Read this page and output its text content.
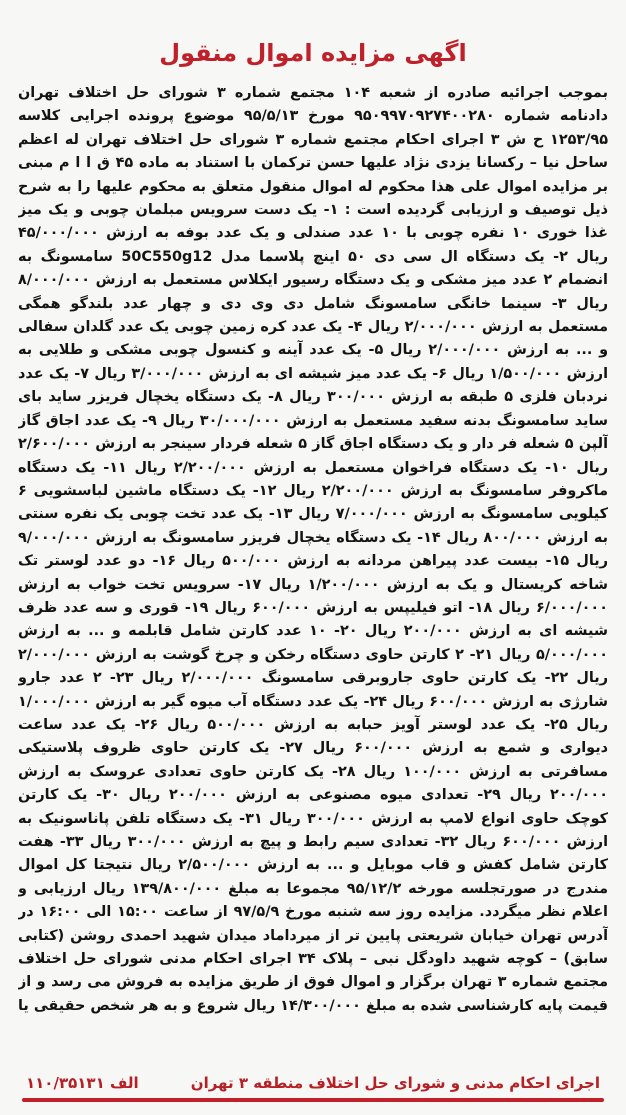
اگهی مزایده اموال منقول
بموجب اجرائیه صادره از شعبه ۱۰۴ مجتمع شماره ۳ شورای حل اختلاف تهران دادنامه شماره ۹۵۰۹۹۷۰۹۲۷۴۰۰۲۸۰ مورخ ۹۵/۵/۱۳ موضوع پرونده اجرایی کلاسه ۱۲۵۳/۹۵ ح ش ۳ اجرای احکام مجتمع شماره ۳ شورای حل اختلاف تهران له اعظم ساحل نیا – رکسانا یزدی نژاد علیها حسن ترکمان با استناد به ماده ۴۵ ق ا ا م مبنی بر مزایده اموال علی هذا محکوم له اموال منقول متعلق به محکوم علیها را به شرح ذیل توصیف و ارزیابی گردیده است : ۱- یک دست سرویس مبلمان چوبی و یک میز غذا خوری ۱۰ نفره چوبی با ۱۰ عدد صندلی و یک عدد بوفه به ارزش ۴۵/۰۰۰/۰۰۰ ریال ۲- یک دستگاه ال سی دی ۵۰ اینچ پلاسما مدل 50C550g12 سامسونگ به انضمام ۲ عدد میز مشکی و یک دستگاه رسیور ایکلاس مستعمل به ارزش ۸/۰۰۰/۰۰۰ ریال ۳- سینما خانگی سامسونگ شامل دی وی دی و چهار عدد بلندگو همگی مستعمل به ارزش ۲/۰۰۰/۰۰۰ ریال ۴- یک عدد کره زمین چوبی یک عدد گلدان سفالی و ... به ارزش ۲/۰۰۰/۰۰۰ ریال ۵- یک عدد آینه و کنسول چوبی مشکی و طلایی به ارزش ۱/۵۰۰/۰۰۰ ریال ۶- یک عدد میز شیشه ای به ارزش ۳/۰۰۰/۰۰۰ ریال ۷- یک عدد نردبان فلزی ۵ طبقه به ارزش ۳۰۰/۰۰۰ ریال ۸- یک دستگاه یخچال فریزر ساید بای ساید سامسونگ بدنه سفید مستعمل به ارزش ۳۰/۰۰۰/۰۰۰ ریال ۹- یک عدد اجاق گاز آلپن ۵ شعله فر دار و یک دستگاه اجاق گاز ۵ شعله فردار سینجر به ارزش ۲/۶۰۰/۰۰۰ ریال ۱۰- یک دستگاه فراخوان مستعمل به ارزش ۲/۲۰۰/۰۰۰ ریال ۱۱- یک دستگاه ماکروفر سامسونگ به ارزش ۲/۲۰۰/۰۰۰ ریال ۱۲- یک دستگاه ماشین لباسشویی ۶ کیلویی سامسونگ به ارزش ۷/۰۰۰/۰۰۰ ریال ۱۳- یک عدد تخت چوبی یک نفره سنتی به ارزش ۸۰۰/۰۰۰ ریال ۱۴- یک دستگاه یخچال فریزر سامسونگ به ارزش ۹/۰۰۰/۰۰۰ ریال ۱۵- بیست عدد پیراهن مردانه به ارزش ۵۰۰/۰۰۰ ریال ۱۶- دو عدد لوستر تک شاخه کریستال و یک به ارزش ۱/۲۰۰/۰۰۰ ریال ۱۷- سرویس تخت خواب به ارزش ۶/۰۰۰/۰۰۰ ریال ۱۸- اتو فیلیپس به ارزش ۶۰۰/۰۰۰ ریال ۱۹- قوری و سه عدد ظرف شیشه ای به ارزش ۲۰۰/۰۰۰ ریال ۲۰- ۱۰ عدد کارتن شامل قابلمه و ... به ارزش ۵/۰۰۰/۰۰۰ ریال ۲۱- ۲ کارتن حاوی دستگاه رخکن و چرخ گوشت به ارزش ۲/۰۰۰/۰۰۰ ریال ۲۲- یک کارتن حاوی جاروبرقی سامسونگ ۲/۰۰۰/۰۰۰ ریال ۲۳- ۲ عدد جارو شارژی به ارزش ۶۰۰/۰۰۰ ریال ۲۴- یک عدد دستگاه آب میوه گیر به ارزش ۱/۰۰۰/۰۰۰ ریال ۲۵- یک عدد لوستر آویز حبابه به ارزش ۵۰۰/۰۰۰ ریال ۲۶- یک عدد ساعت دیواری و شمع به ارزش ۶۰۰/۰۰۰ ریال ۲۷- یک کارتن حاوی ظروف پلاستیکی مسافرتی به ارزش ۱۰۰/۰۰۰ ریال ۲۸- یک کارتن حاوی تعدادی عروسک به ارزش ۲۰۰/۰۰۰ ریال ۲۹- تعدادی میوه مصنوعی به ارزش ۲۰۰/۰۰۰ ریال ۳۰- یک کارتن کوچک حاوی انواع لامپ به ارزش ۳۰۰/۰۰۰ ریال ۳۱- یک دستگاه تلفن پاناسونیک به ارزش ۶۰۰/۰۰۰ ریال ۳۲- تعدادی سیم رابط و پیچ به ارزش ۳۰۰/۰۰۰ ریال ۳۳- هفت کارتن شامل کفش و قاب موبایل و ... به ارزش ۲/۵۰۰/۰۰۰ ریال نتیجتا کل اموال مندرج در صورتجلسه مورخه ۹۵/۱۲/۲ مجموعا به مبلغ ۱۳۹/۸۰۰/۰۰۰ ریال ارزیابی و اعلام نظر میگردد. مزایده روز سه شنبه مورخ ۹۷/۵/۹ از ساعت ۱۵:۰۰ الی ۱۶:۰۰ در آدرس تهران خیابان شریعتی پایین تر از میرداماد میدان شهید احمدی روشن (کتابی سابق) – کوچه شهید داودگل نبی – پلاک ۳۴ اجرای احکام مدنی شورای حل اختلاف مجتمع شماره ۳ تهران برگزار و اموال فوق از طریق مزایده به فروش می رسد و از قیمت پایه کارشناسی شده به مبلغ ۱۴/۳۰۰/۰۰۰ ریال شروع و به هر شخص حقیقی یا
۱۱۰/۳۵۱۳۱ الف	اجرای احکام مدنی و شورای حل اختلاف منطقه ۳ تهران
